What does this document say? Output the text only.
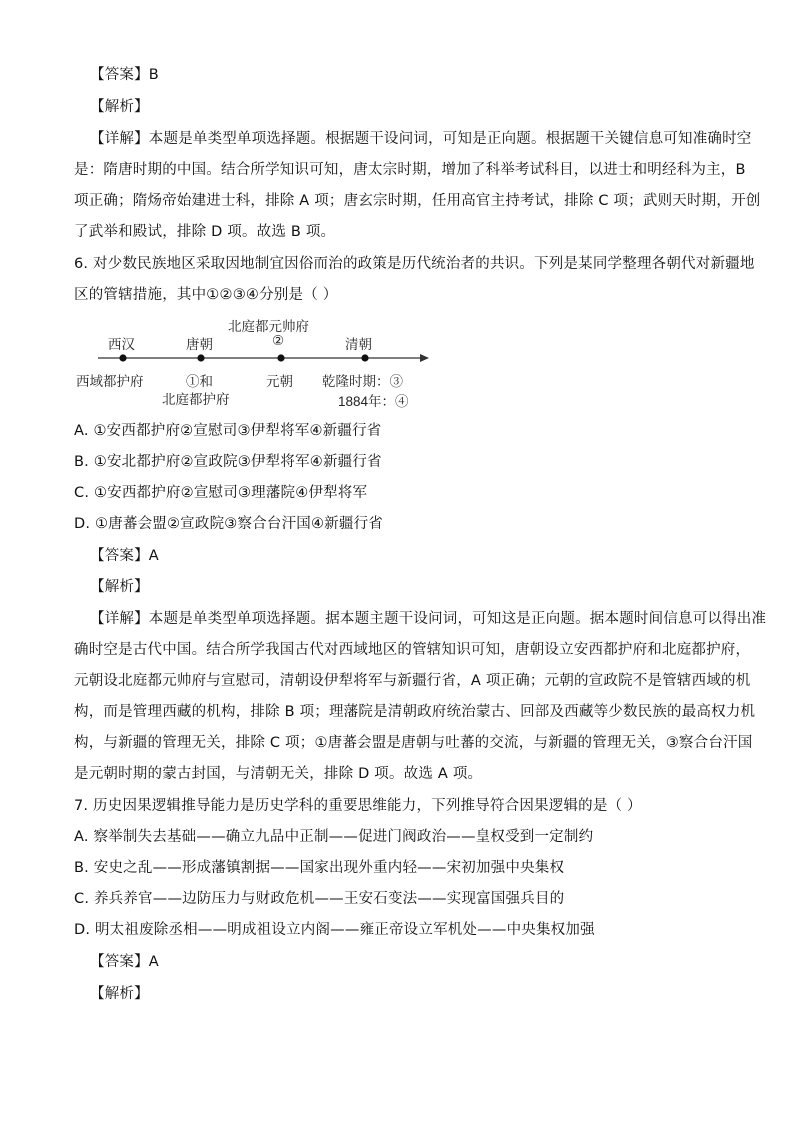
【答案】B
【解析】
【详解】本题是单类型单项选择题。根据题干设问词，可知是正向题。根据题干关键信息可知准确时空
是：隋唐时期的中国。结合所学知识可知，唐太宗时期，增加了科举考试科目，以进士和明经科为主，B
项正确；隋炀帝始建进士科，排除 A 项；唐玄宗时期，任用高官主持考试，排除 C 项；武则天时期，开创
了武举和殿试，排除 D 项。故选 B 项。
6. 对少数民族地区采取因地制宜因俗而治的政策是历代统治者的共识。下列是某同学整理各朝代对新疆地
区的管辖措施，其中①②③④分别是（ ）
北庭都元帅府
西汉	唐朝	②	清朝
西域都护府	①和
北庭都护府
元朝 乾隆时期：③
1884年：④
A. ①安西都护府②宣慰司③伊犁将军④新疆行省
B. ①安北都护府②宣政院③伊犁将军④新疆行省
C. ①安西都护府②宣慰司③理藩院④伊犁将军
D. ①唐蕃会盟②宣政院③察合台汗国④新疆行省
【答案】A
【解析】
【详解】本题是单类型单项选择题。据本题主题干设问词，可知这是正向题。据本题时间信息可以得出准
确时空是古代中国。结合所学我国古代对西域地区的管辖知识可知，唐朝设立安西都护府和北庭都护府，
元朝设北庭都元帅府与宣慰司，清朝设伊犁将军与新疆行省，A 项正确；元朝的宣政院不是管辖西域的机
构，而是管理西藏的机构，排除 B 项；理藩院是清朝政府统治蒙古、回部及西藏等少数民族的最高权力机
构，与新疆的管理无关，排除 C 项；①唐蕃会盟是唐朝与吐蕃的交流，与新疆的管理无关，③察合台汗国
是元朝时期的蒙古封国，与清朝无关，排除 D 项。故选 A 项。
7. 历史因果逻辑推导能力是历史学科的重要思维能力，下列推导符合因果逻辑的是（ ）
A. 察举制失去基础——确立九品中正制——促进门阀政治——皇权受到一定制约
B. 安史之乱——形成藩镇割据——国家出现外重内轻——宋初加强中央集权
C. 养兵养官——边防压力与财政危机——王安石变法——实现富国强兵目的
D. 明太祖废除丞相——明成祖设立内阁——雍正帝设立军机处——中央集权加强
【答案】A
【解析】
